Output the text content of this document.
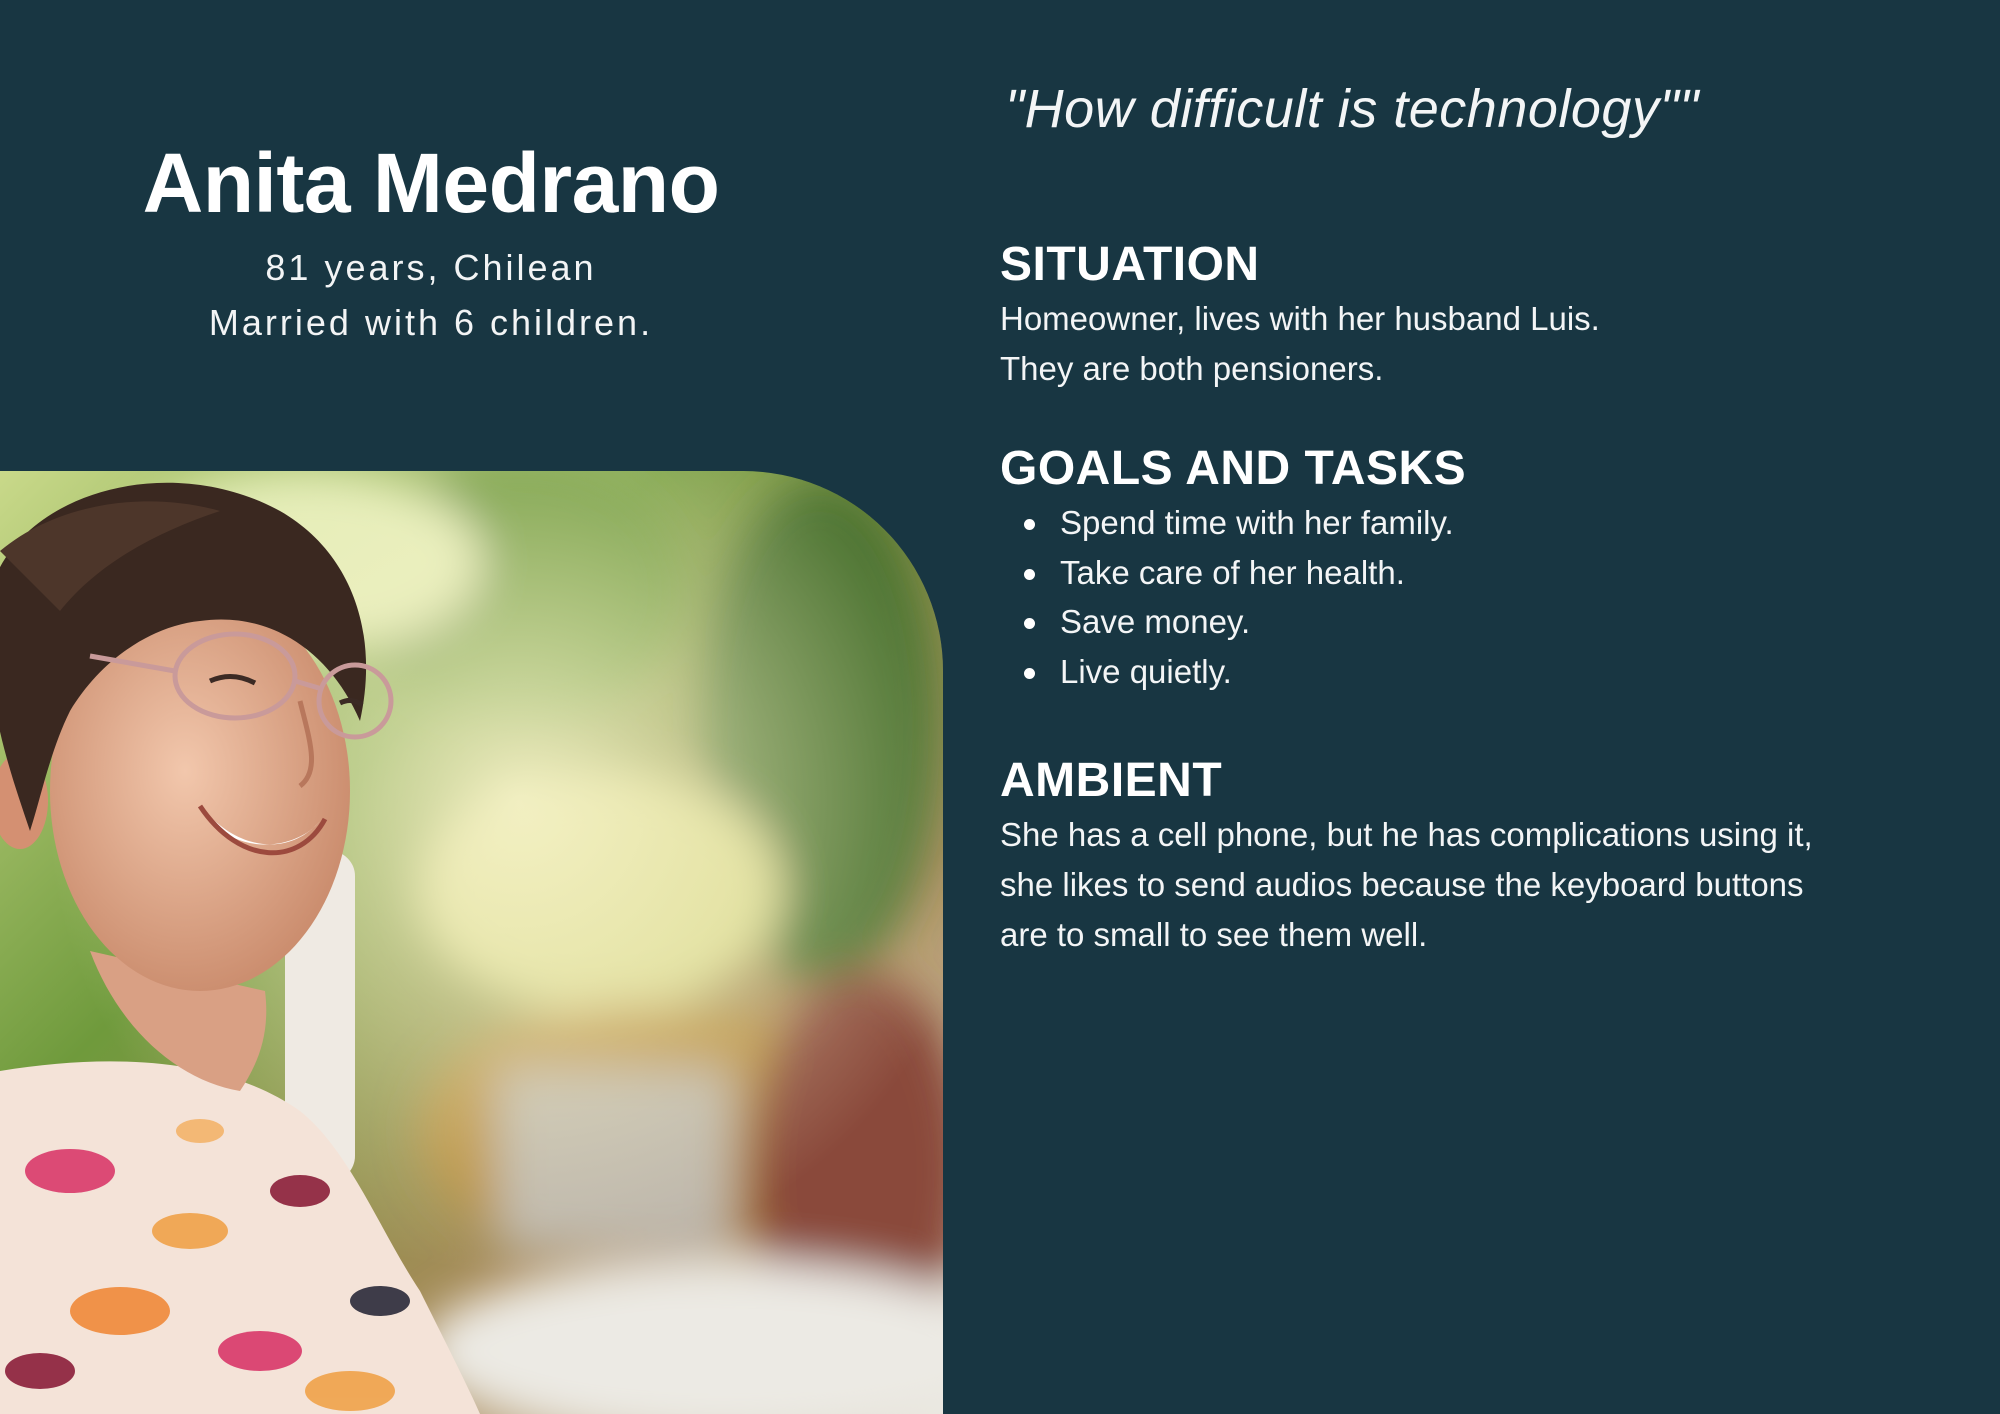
Anita Medrano
81 years, Chilean
Married with 6 children.
"How difficult is technology""
SITUATION

Homeowner, lives with her husband Luis.

They are both pensioners.

GOALS AND TASKS
Spend time with her family.
Take care of her health.
Save money.
Live quietly.
AMBIENT

She has a cell phone, but he has complications using it,

she likes to send audios because the keyboard buttons

are to small to see them well.
